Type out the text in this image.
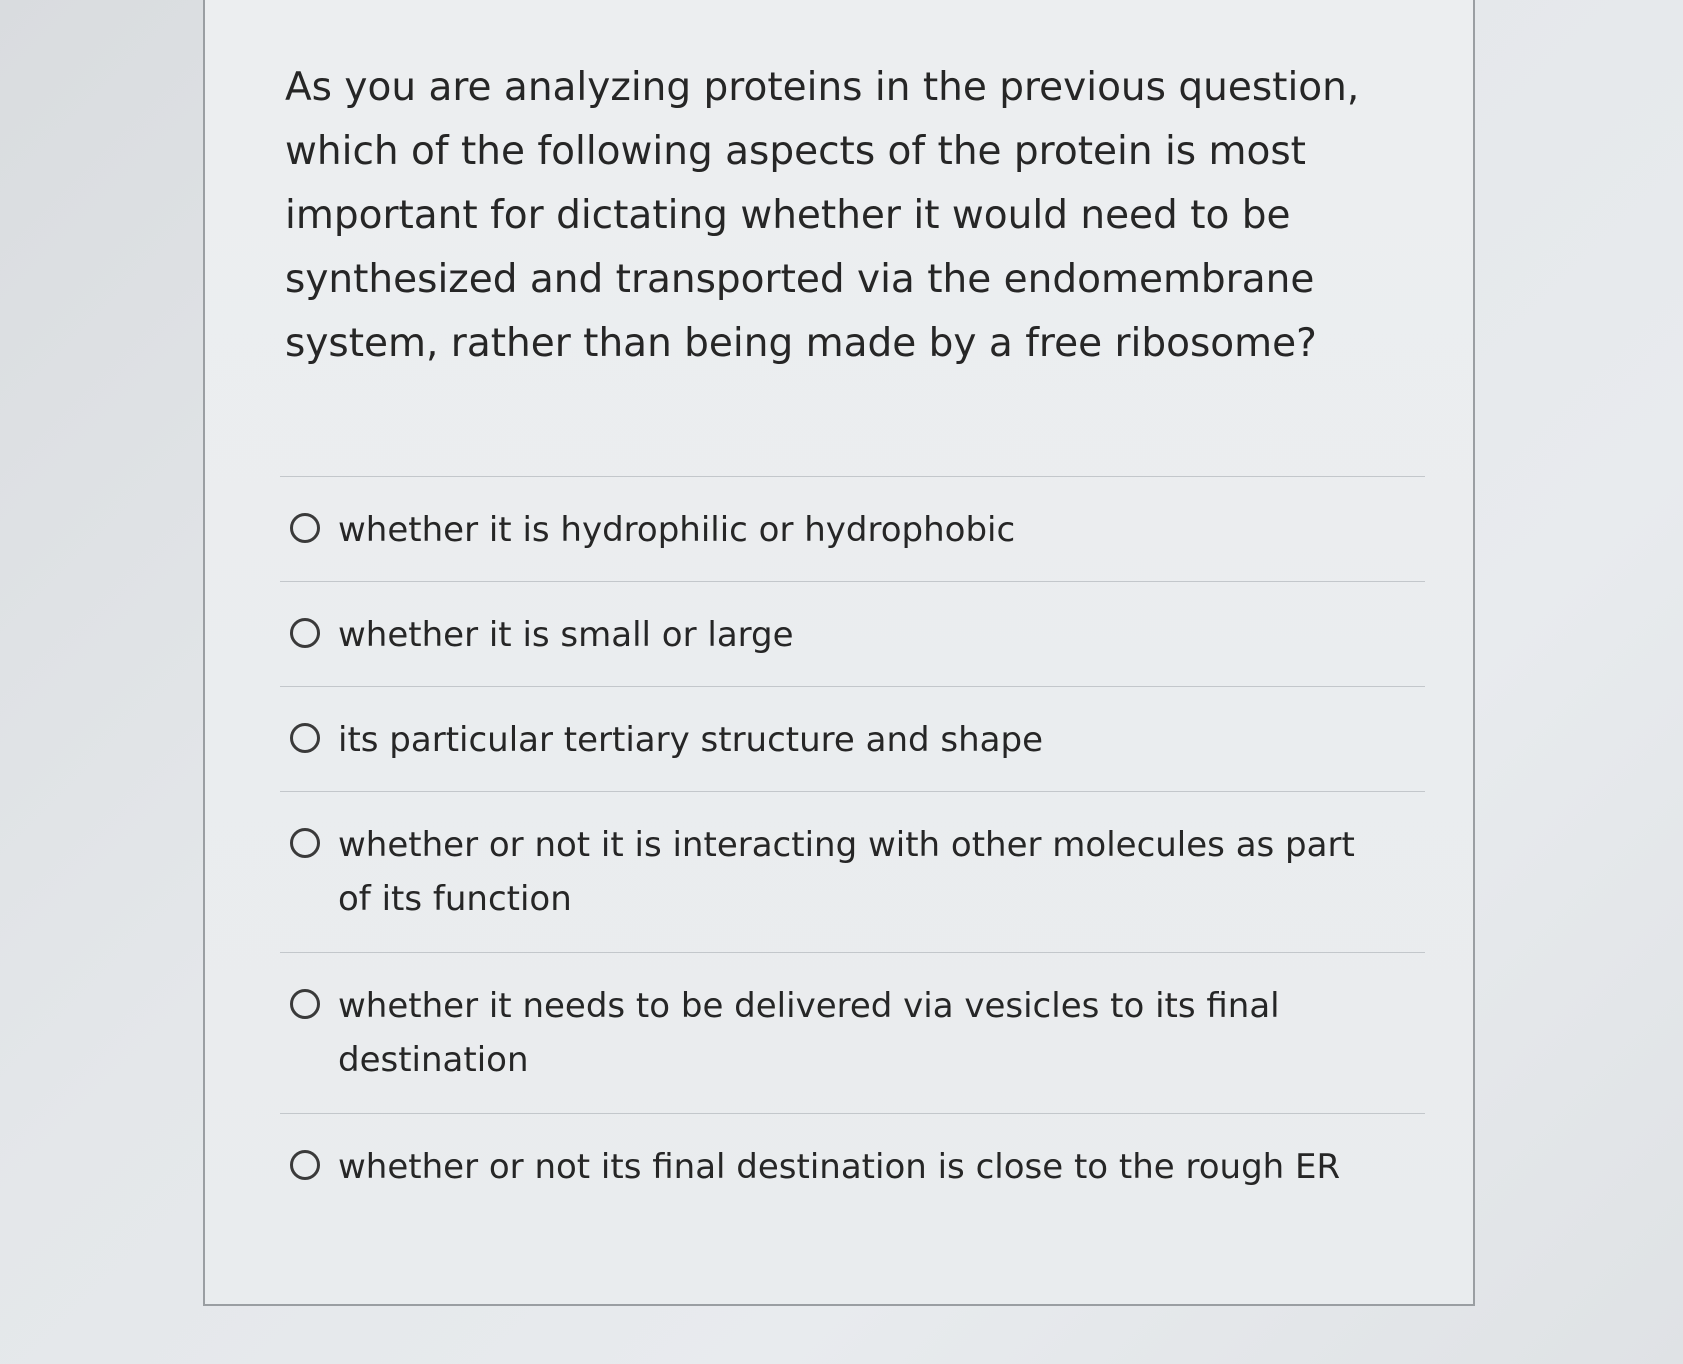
As you are analyzing proteins in the previous question, which of the following aspects of the protein is most important for dictating whether it would need to be synthesized and transported via the endomembrane system, rather than being made by a free ribosome?

whether it is hydrophilic or hydrophobic
whether it is small or large
its particular tertiary structure and shape
whether or not it is interacting with other molecules as part of its function
whether it needs to be delivered via vesicles to its final destination
whether or not its final destination is close to the rough ER
